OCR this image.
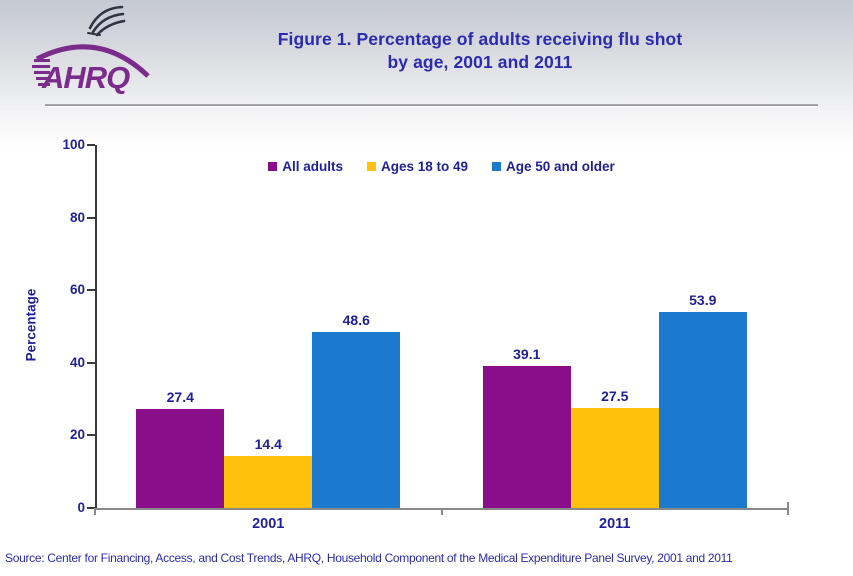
AHRQ
Figure 1. Percentage of adults receiving flu shot
by age, 2001 and 2011
Percentage
All adults	Ages 18 to 49	Age 50 and older
0
20
40
60
80
100
27.4
14.4
48.6
2001
39.1
27.5
53.9
2011
Source: Center for Financing, Access, and Cost Trends, AHRQ, Household Component of the Medical Expenditure Panel Survey, 2001 and 2011
